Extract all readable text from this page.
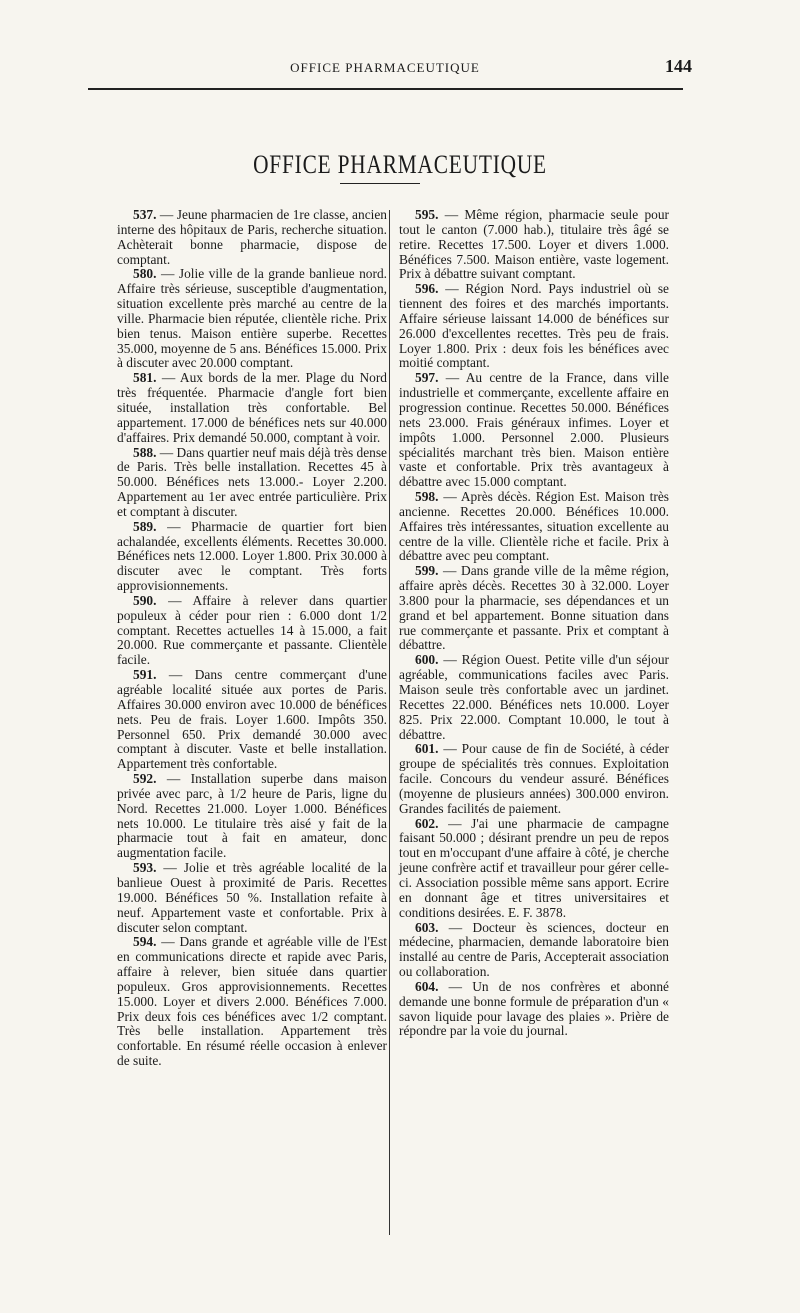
OFFICE PHARMACEUTIQUE	144
OFFICE PHARMACEUTIQUE

537. — Jeune pharmacien de 1re classe, ancien interne des hôpitaux de Paris, recherche situation. Achèterait bonne pharmacie, dispose de comptant.

580. — Jolie ville de la grande banlieue nord. Affaire très sérieuse, susceptible d'augmentation, situation excellente près marché au centre de la ville. Pharmacie bien réputée, clientèle riche. Prix bien tenus. Maison entière superbe. Recettes 35.000, moyenne de 5 ans. Bénéfices 15.000. Prix à discuter avec 20.000 comptant.

581. — Aux bords de la mer. Plage du Nord très fréquentée. Pharmacie d'angle fort bien située, installation très confortable. Bel appartement. 17.000 de bénéfices nets sur 40.000 d'affaires. Prix demandé 50.000, comptant à voir.

588. — Dans quartier neuf mais déjà très dense de Paris. Très belle installation. Recettes 45 à 50.000. Bénéfices nets 13.000.- Loyer 2.200. Appartement au 1er avec entrée particulière. Prix et comptant à discuter.

589. — Pharmacie de quartier fort bien achalandée, excellents éléments. Recettes 30.000. Bénéfices nets 12.000. Loyer 1.800. Prix 30.000 à discuter avec le comptant. Très forts approvisionnements.

590. — Affaire à relever dans quartier populeux à céder pour rien : 6.000 dont 1/2 comptant. Recettes actuelles 14 à 15.000, a fait 20.000. Rue commerçante et passante. Clientèle facile.

591. — Dans centre commerçant d'une agréable localité située aux portes de Paris. Affaires 30.000 environ avec 10.000 de bénéfices nets. Peu de frais. Loyer 1.600. Impôts 350. Personnel 650. Prix demandé 30.000 avec comptant à discuter. Vaste et belle installation. Appartement très confortable.

592. — Installation superbe dans maison privée avec parc, à 1/2 heure de Paris, ligne du Nord. Recettes 21.000. Loyer 1.000. Bénéfices nets 10.000. Le titulaire très aisé y fait de la pharmacie tout à fait en amateur, donc augmentation facile.

593. — Jolie et très agréable localité de la banlieue Ouest à proximité de Paris. Recettes 19.000. Bénéfices 50 %. Installation refaite à neuf. Appartement vaste et confortable. Prix à discuter selon comptant.

594. — Dans grande et agréable ville de l'Est en communications directe et rapide avec Paris, affaire à relever, bien située dans quartier populeux. Gros approvisionnements. Recettes 15.000. Loyer et divers 2.000. Bénéfices 7.000. Prix deux fois ces bénéfices avec 1/2 comptant. Très belle installation. Appartement très confortable. En résumé réelle occasion à enlever de suite.

595. — Même région, pharmacie seule pour tout le canton (7.000 hab.), titulaire très âgé se retire. Recettes 17.500. Loyer et divers 1.000. Bénéfices 7.500. Maison entière, vaste logement. Prix à débattre suivant comptant.

596. — Région Nord. Pays industriel où se tiennent des foires et des marchés importants. Affaire sérieuse laissant 14.000 de bénéfices sur 26.000 d'excellentes recettes. Très peu de frais. Loyer 1.800. Prix : deux fois les bénéfices avec moitié comptant.

597. — Au centre de la France, dans ville industrielle et commerçante, excellente affaire en progression continue. Recettes 50.000. Bénéfices nets 23.000. Frais généraux infimes. Loyer et impôts 1.000. Personnel 2.000. Plusieurs spécialités marchant très bien. Maison entière vaste et confortable. Prix très avantageux à débattre avec 15.000 comptant.

598. — Après décès. Région Est. Maison très ancienne. Recettes 20.000. Bénéfices 10.000. Affaires très intéressantes, situation excellente au centre de la ville. Clientèle riche et facile. Prix à débattre avec peu comptant.

599. — Dans grande ville de la même région, affaire après décès. Recettes 30 à 32.000. Loyer 3.800 pour la pharmacie, ses dépendances et un grand et bel appartement. Bonne situation dans rue commerçante et passante. Prix et comptant à débattre.

600. — Région Ouest. Petite ville d'un séjour agréable, communications faciles avec Paris. Maison seule très confortable avec un jardinet. Recettes 22.000. Bénéfices nets 10.000. Loyer 825. Prix 22.000. Comptant 10.000, le tout à débattre.

601. — Pour cause de fin de Société, à céder groupe de spécialités très connues. Exploitation facile. Concours du vendeur assuré. Bénéfices (moyenne de plusieurs années) 300.000 environ. Grandes facilités de paiement.

602. — J'ai une pharmacie de campagne faisant 50.000 ; désirant prendre un peu de repos tout en m'occupant d'une affaire à côté, je cherche jeune confrère actif et travailleur pour gérer celle-ci. Association possible même sans apport. Ecrire en donnant âge et titres universitaires et conditions desirées. E. F. 3878.

603. — Docteur ès sciences, docteur en médecine, pharmacien, demande laboratoire bien installé au centre de Paris, Accepterait association ou collaboration.

604. — Un de nos confrères et abonné demande une bonne formule de préparation d'un « savon liquide pour lavage des plaies ». Prière de répondre par la voie du journal.
